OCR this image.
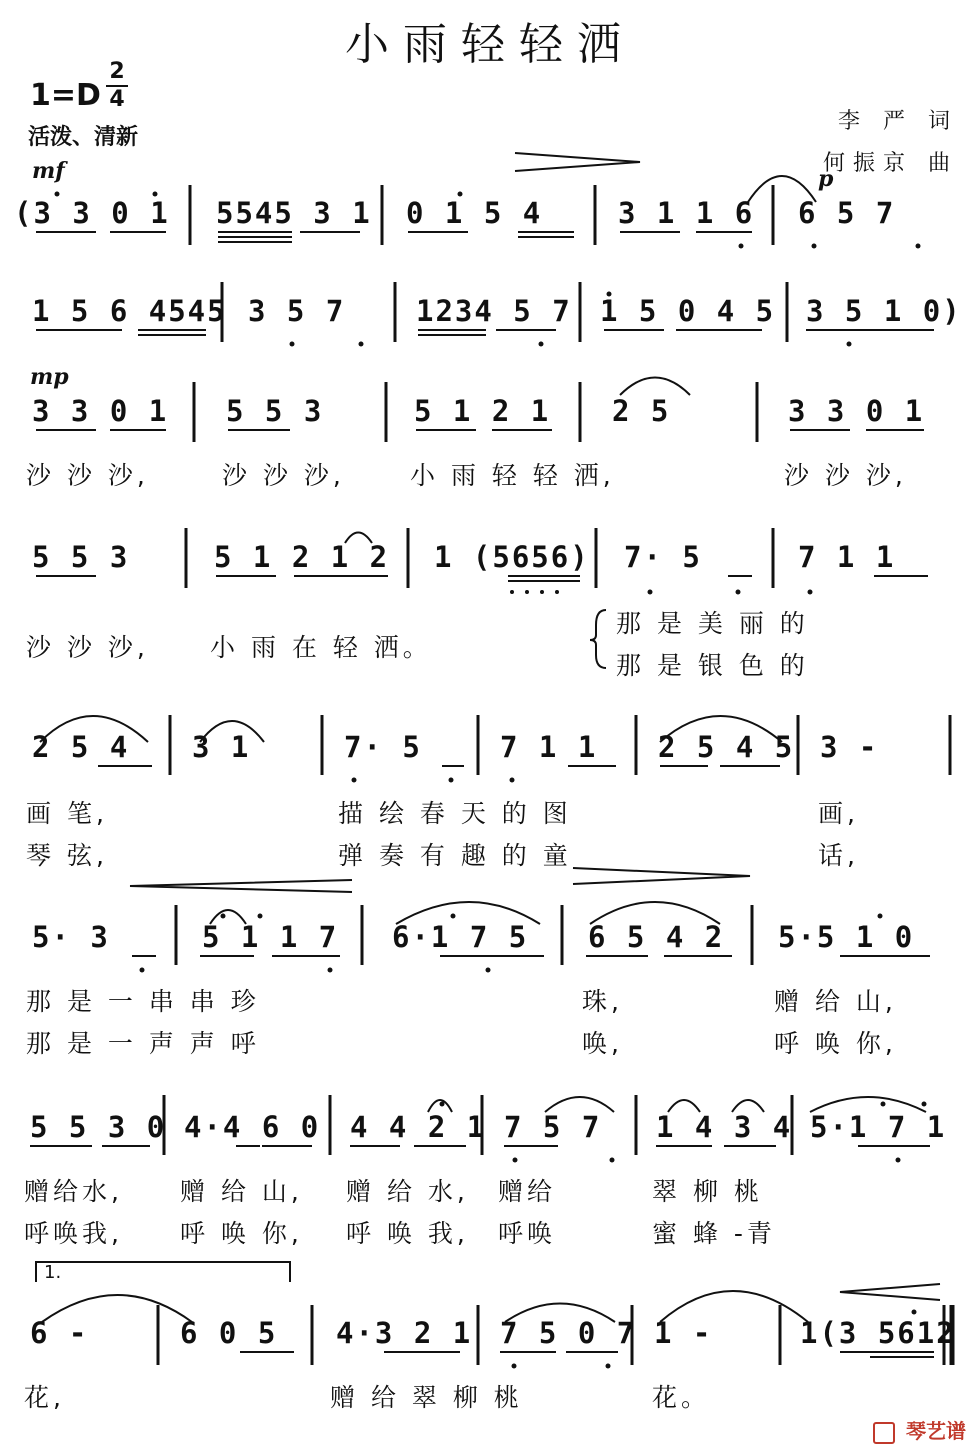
小雨轻轻洒
1=D
2
4
活泼、清新
李 严 词
何振京 曲
mf	p
mp
(3 3 0 1 5545 3 1 0 1 5 4	3 1 1 6 6 5 7
1 5 6 4545 3 5 7 1234 5 7 1 5 0 4 5 3 5 1 0)
3 3 0 1 5 5 3	5 1 2 1 2 5	3 3 0 1
沙 沙 沙,	沙 沙 沙,	小 雨 轻 轻 洒,	沙 沙 沙,
5 5 3	5 1 2 1 2 1 (5656) 7· 5	7 1 1
沙 沙 沙, 小 雨 在 轻 洒。
那 是 美 丽 的
那 是 银 色 的
2 5 4 3 1	7· 5	7 1 1 2 5 4 5 3 -
画 笔,	描 绘 春 天 的 图	画,
琴 弦,	弹 奏 有 趣 的 童	话,
5· 3	5 1 1 7 6·1 7 5 6 5 4 2 5·5 1 0
那 是 一 串 串 珍	珠,	赠 给 山,
那 是 一 声 声 呼	唤,	呼 唤 你,
5 5 3 0 4·4 6 0 4 4 2 1 7 5 7 1 4 3 4 5·1 7 1
赠给水, 赠 给 山, 赠 给 水, 赠给	翠 柳 桃
呼唤我, 呼 唤 你, 呼 唤 我, 呼唤	蜜 蜂 -青
1.
6 -	6 0 5 4·3 2 1 7 5 0 7 1 -	1(3 5612
花,	赠 给 翠 柳 桃	花。
琴艺谱
